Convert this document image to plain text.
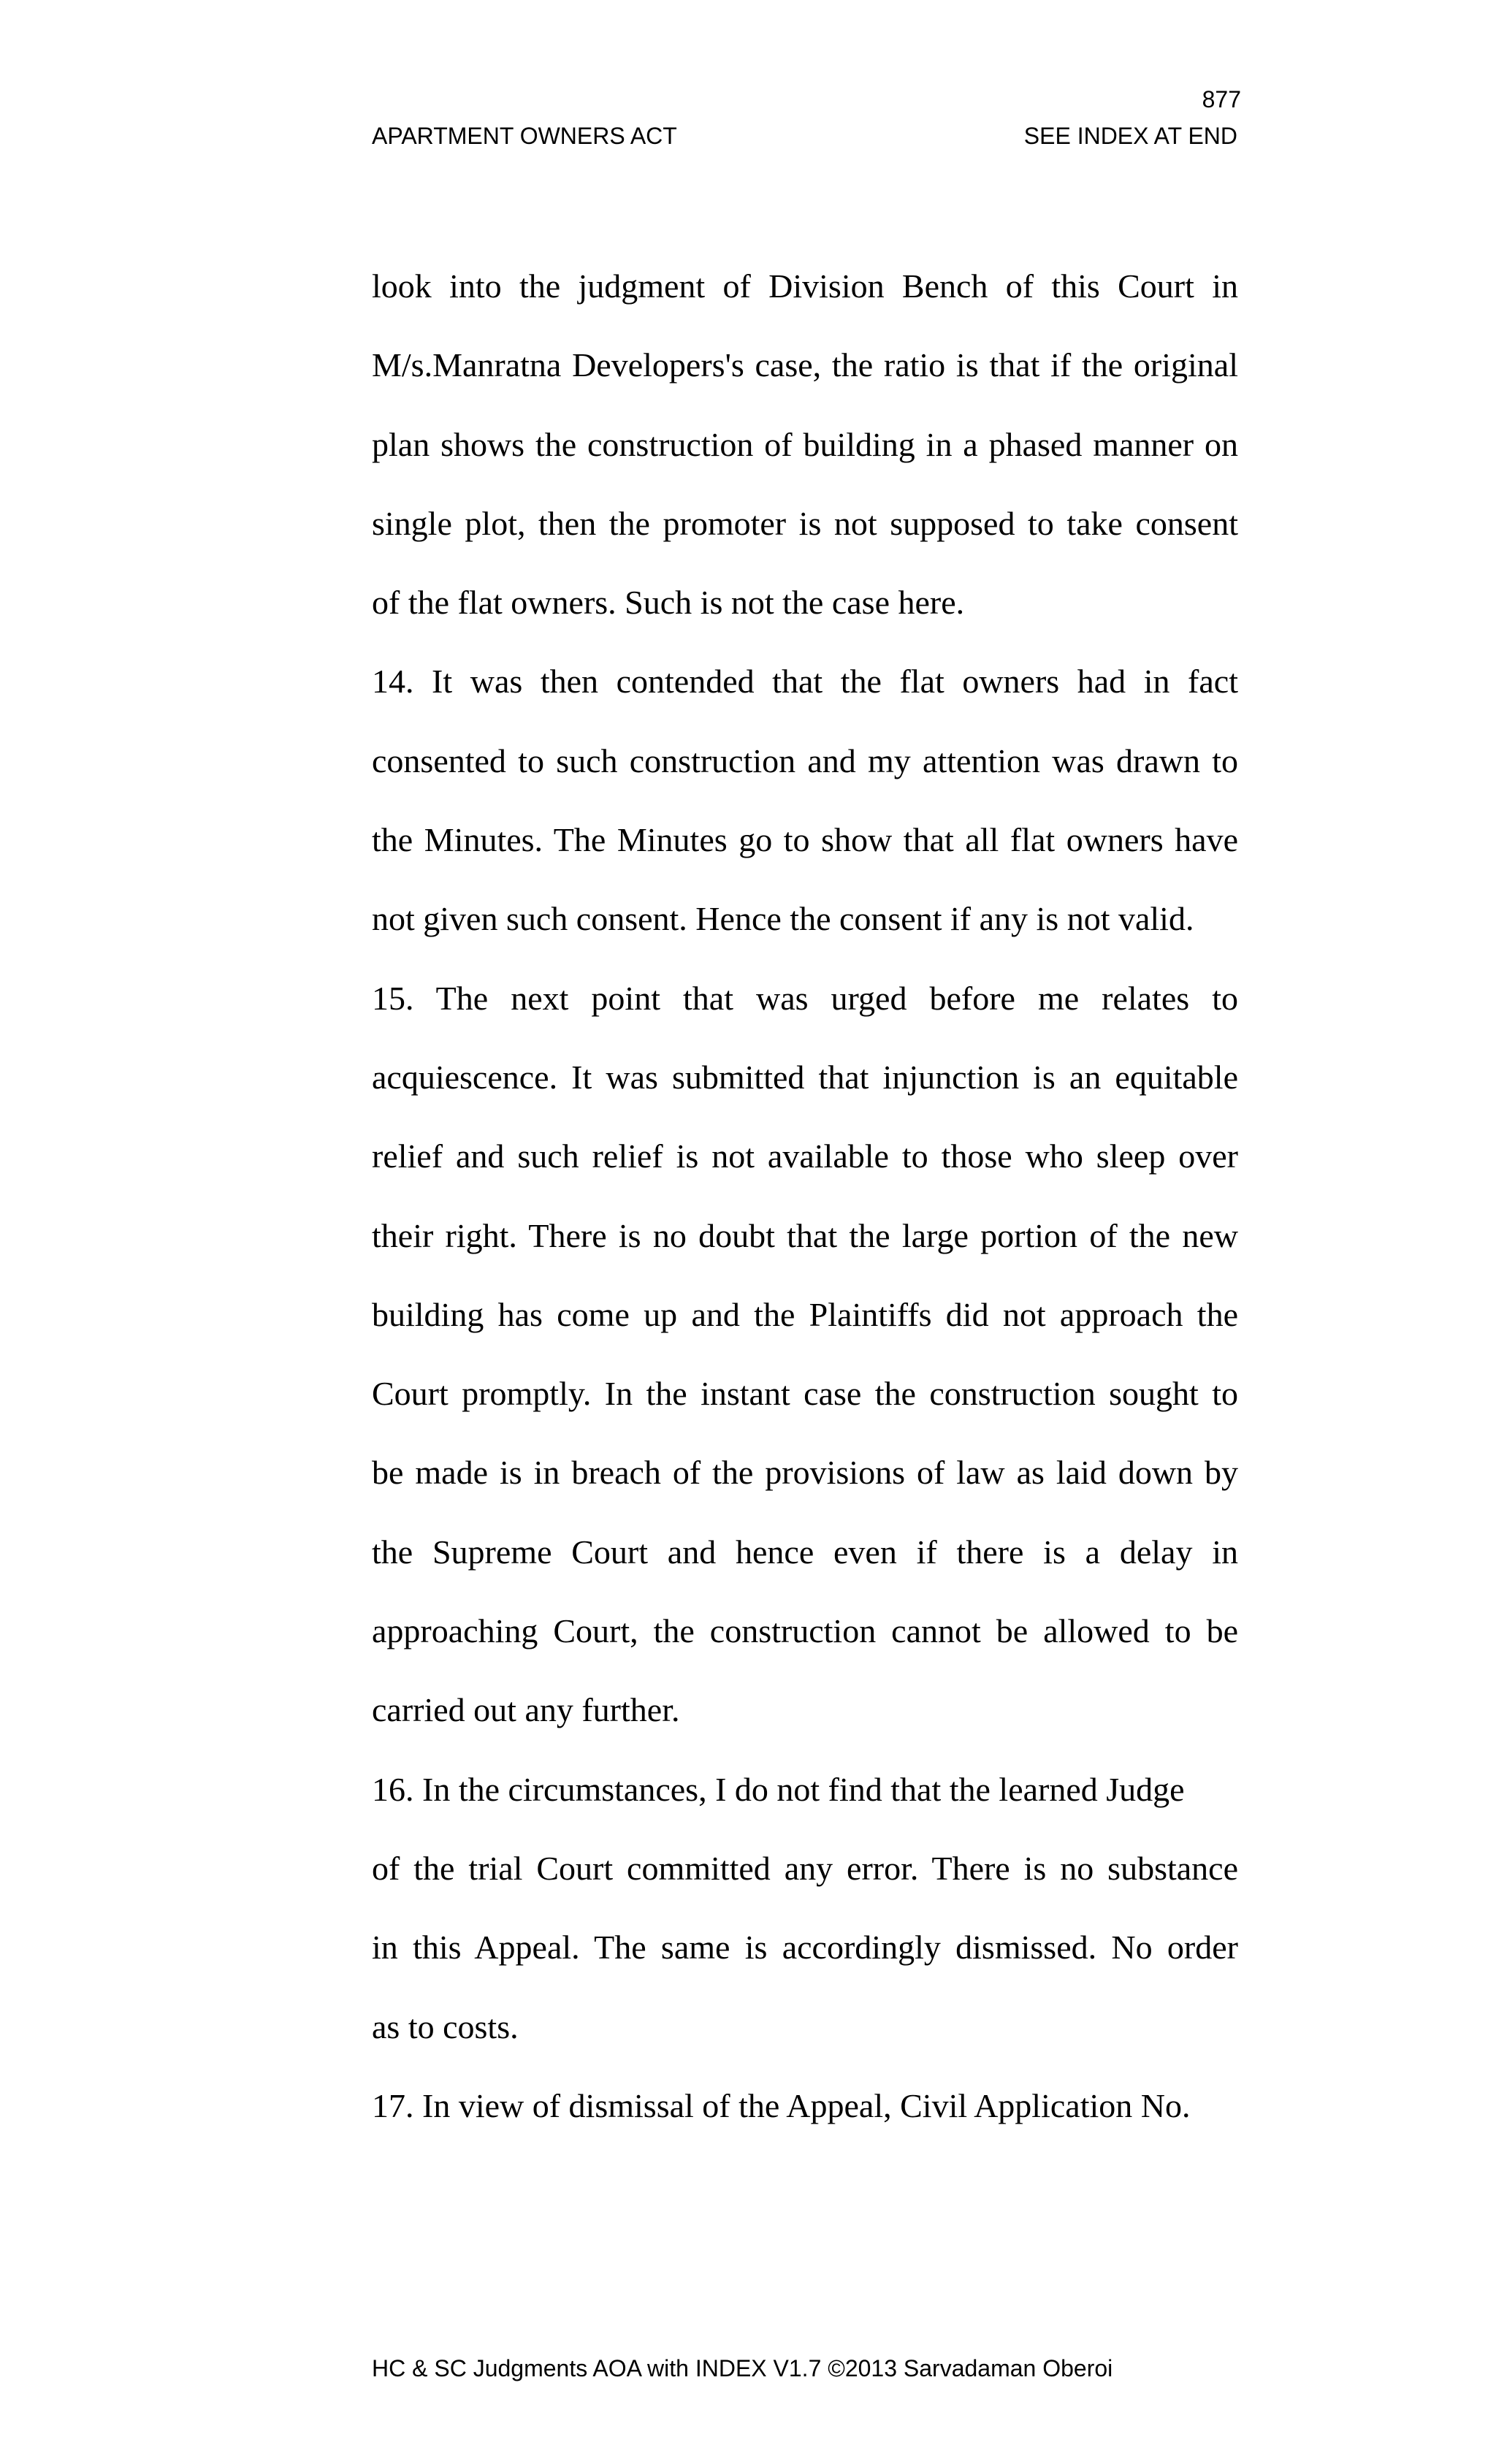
877
APARTMENT OWNERS ACT	SEE INDEX AT END
look into the judgment of Division Bench of this Court in
M/s.Manratna Developers's case, the ratio is that if the original
plan shows the construction of building in a phased manner on
single plot, then the promoter is not supposed to take consent
of the flat owners. Such is not the case here.
14. It was then contended that the flat owners had in fact
consented to such construction and my attention was drawn to
the Minutes. The Minutes go to show that all flat owners have
not given such consent. Hence the consent if any is not valid.
15. The next point that was urged before me relates to
acquiescence. It was submitted that injunction is an equitable
relief and such relief is not available to those who sleep over
their right. There is no doubt that the large portion of the new
building has come up and the Plaintiffs did not approach the
Court promptly. In the instant case the construction sought to
be made is in breach of the provisions of law as laid down by
the Supreme Court and hence even if there is a delay in
approaching Court, the construction cannot be allowed to be
carried out any further.
16. In the circumstances, I do not find that the learned Judge
of the trial Court committed any error. There is no substance
in this Appeal. The same is accordingly dismissed. No order
as to costs.
17. In view of dismissal of the Appeal, Civil Application No.
HC & SC Judgments AOA with INDEX V1.7 ©2013 Sarvadaman Oberoi
